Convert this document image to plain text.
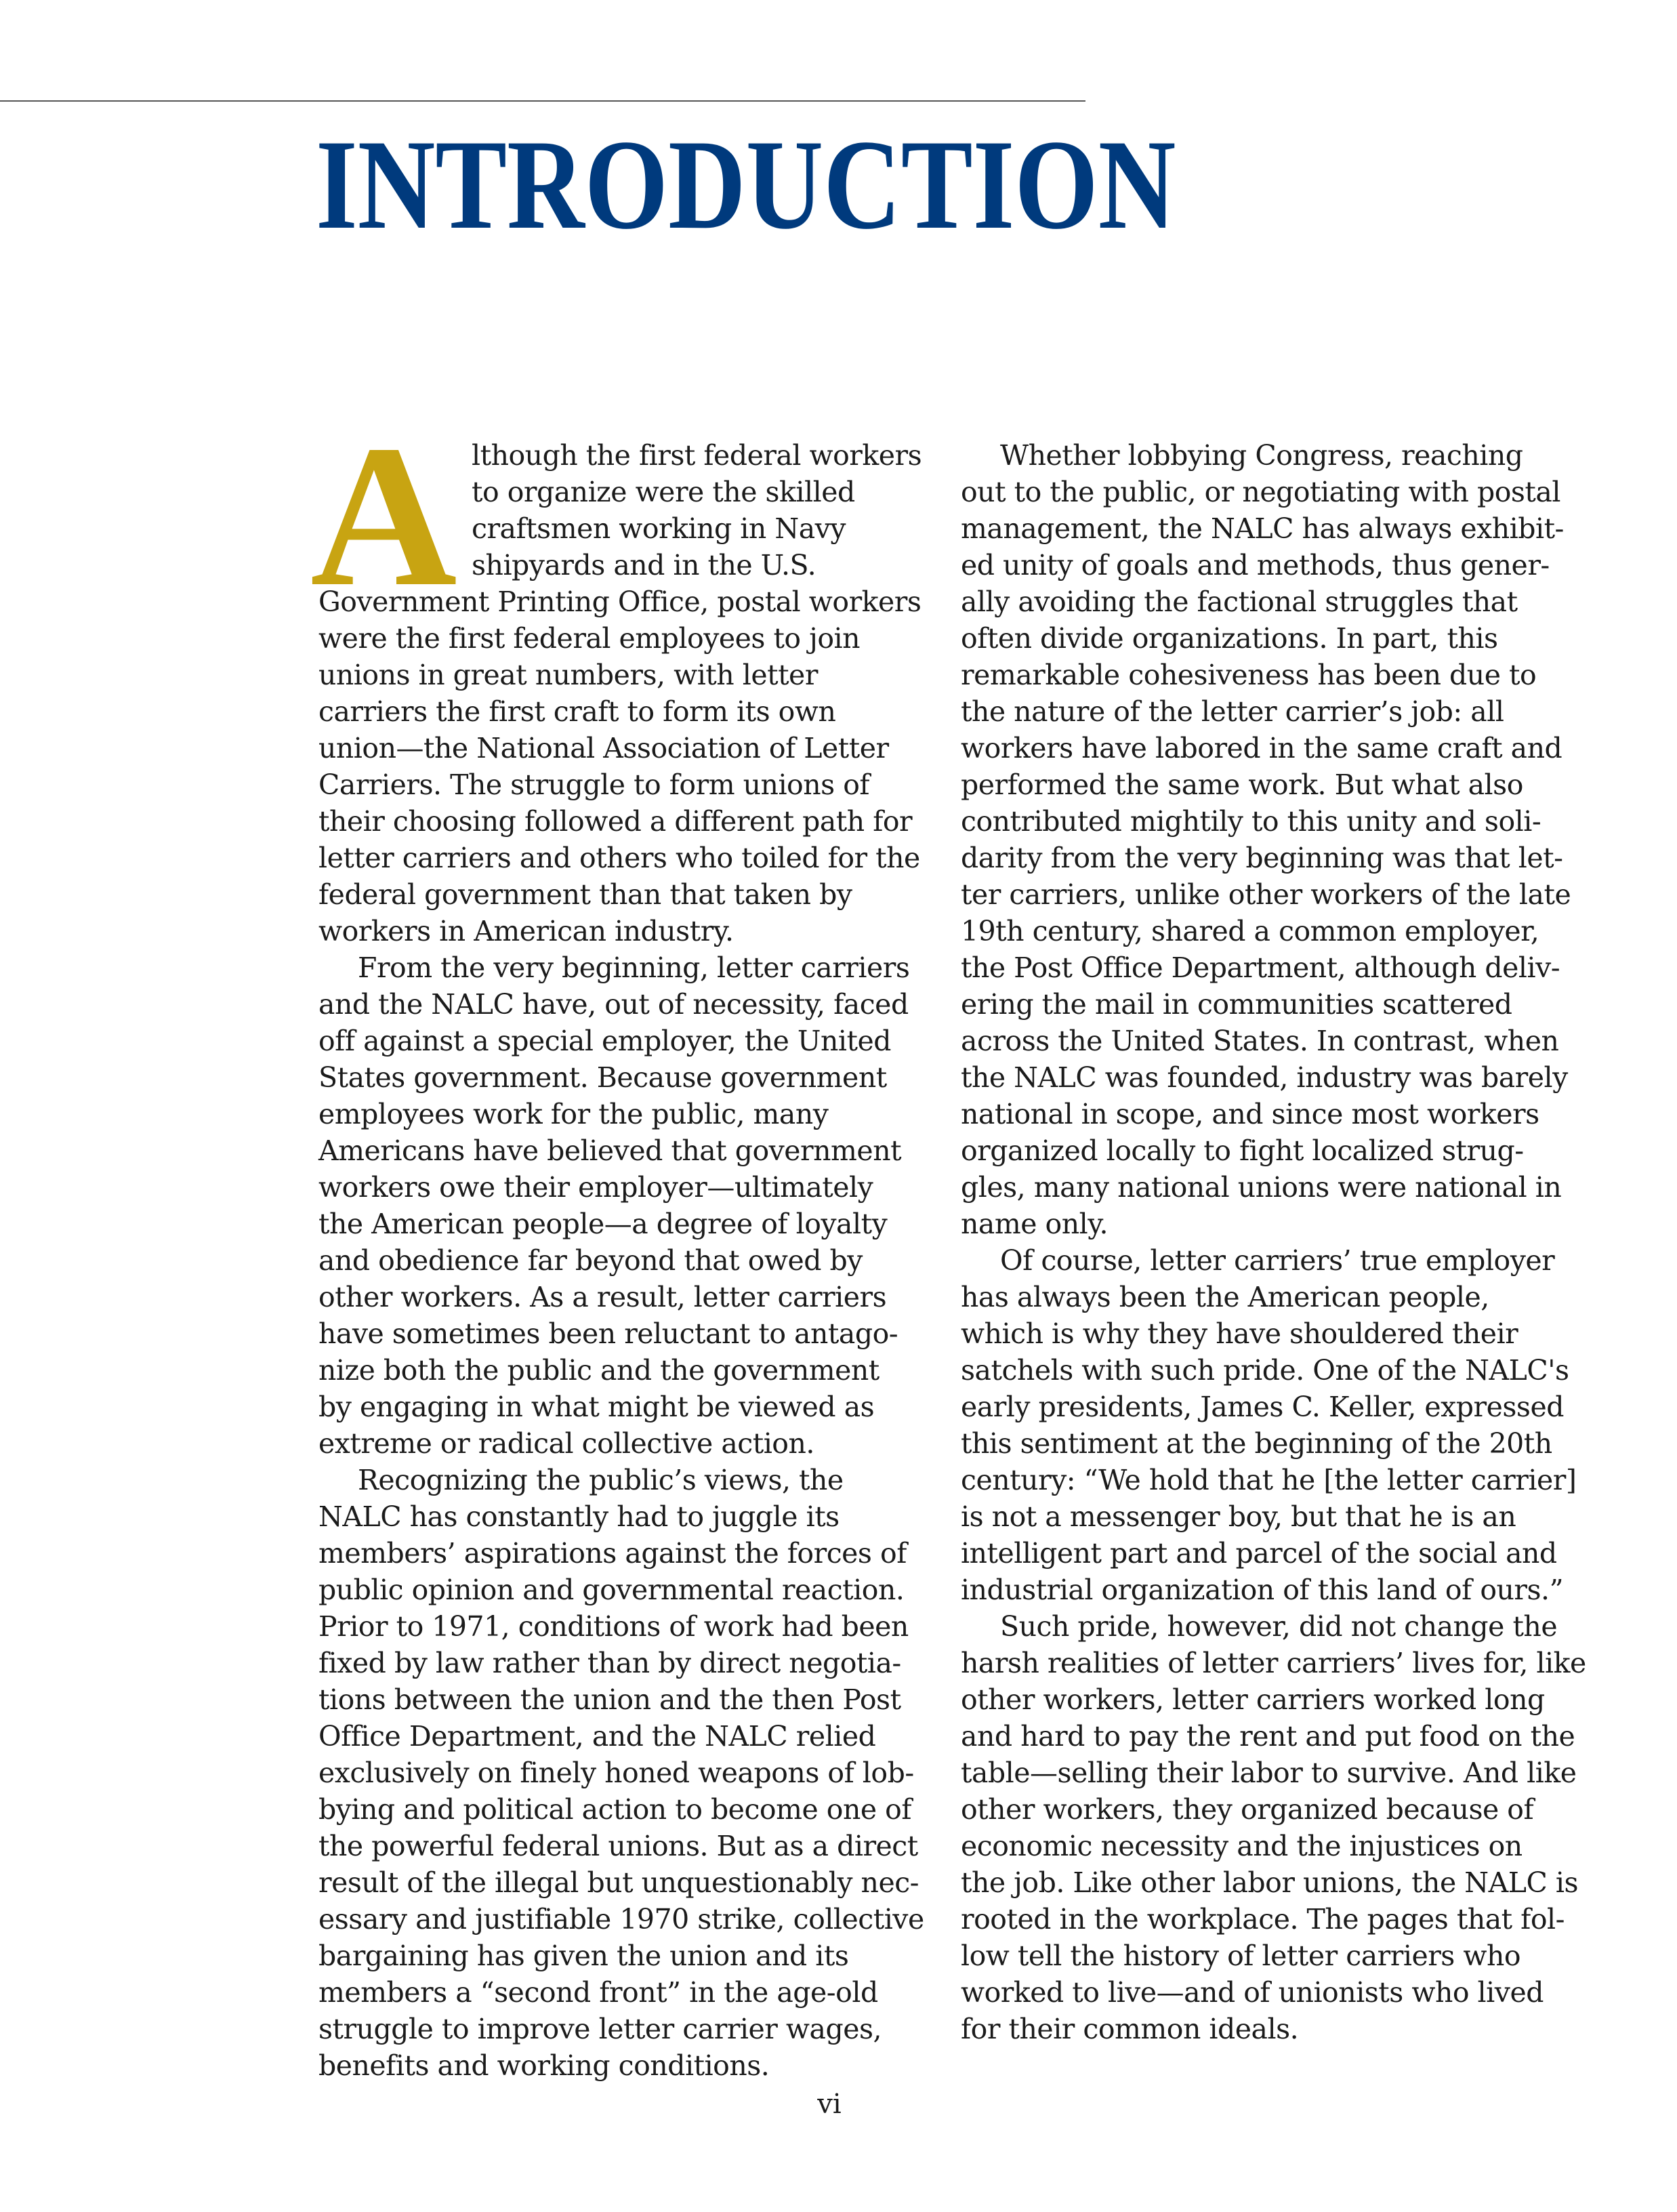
INTRODUCTION
A lthough the first federal workers
to organize were the skilled
craftsmen working in Navy
shipyards and in the U.S.
Government Printing Office, postal workers
were the first federal employees to join
unions in great numbers, with letter
carriers the first craft to form its own
union—the National Association of Letter
Carriers. The struggle to form unions of
their choosing followed a different path for
letter carriers and others who toiled for the
federal government than that taken by
workers in American industry.
From the very beginning, letter carriers
and the NALC have, out of necessity, faced
off against a special employer, the United
States government. Because government
employees work for the public, many
Americans have believed that government
workers owe their employer—ultimately
the American people—a degree of loyalty
and obedience far beyond that owed by
other workers. As a result, letter carriers
have sometimes been reluctant to antago-
nize both the public and the government
by engaging in what might be viewed as
extreme or radical collective action.
Recognizing the public’s views, the
NALC has constantly had to juggle its
members’ aspirations against the forces of
public opinion and governmental reaction.
Prior to 1971, conditions of work had been
fixed by law rather than by direct negotia-
tions between the union and the then Post
Office Department, and the NALC relied
exclusively on finely honed weapons of lob-
bying and political action to become one of
the powerful federal unions. But as a direct
result of the illegal but unquestionably nec-
essary and justifiable 1970 strike, collective
bargaining has given the union and its
members a “second front” in the age-old
struggle to improve letter carrier wages,
benefits and working conditions.
Whether lobbying Congress, reaching
out to the public, or negotiating with postal
management, the NALC has always exhibit-
ed unity of goals and methods, thus gener-
ally avoiding the factional struggles that
often divide organizations. In part, this
remarkable cohesiveness has been due to
the nature of the letter carrier’s job: all
workers have labored in the same craft and
performed the same work. But what also
contributed mightily to this unity and soli-
darity from the very beginning was that let-
ter carriers, unlike other workers of the late
19th century, shared a common employer,
the Post Office Department, although deliv-
ering the mail in communities scattered
across the United States. In contrast, when
the NALC was founded, industry was barely
national in scope, and since most workers
organized locally to fight localized strug-
gles, many national unions were national in
name only.
Of course, letter carriers’ true employer
has always been the American people,
which is why they have shouldered their
satchels with such pride. One of the NALC's
early presidents, James C. Keller, expressed
this sentiment at the beginning of the 20th
century: “We hold that he [the letter carrier]
is not a messenger boy, but that he is an
intelligent part and parcel of the social and
industrial organization of this land of ours.”
Such pride, however, did not change the
harsh realities of letter carriers’ lives for, like
other workers, letter carriers worked long
and hard to pay the rent and put food on the
table—selling their labor to survive. And like
other workers, they organized because of
economic necessity and the injustices on
the job. Like other labor unions, the NALC is
rooted in the workplace. The pages that fol-
low tell the history of letter carriers who
worked to live—and of unionists who lived
for their common ideals.
vi
